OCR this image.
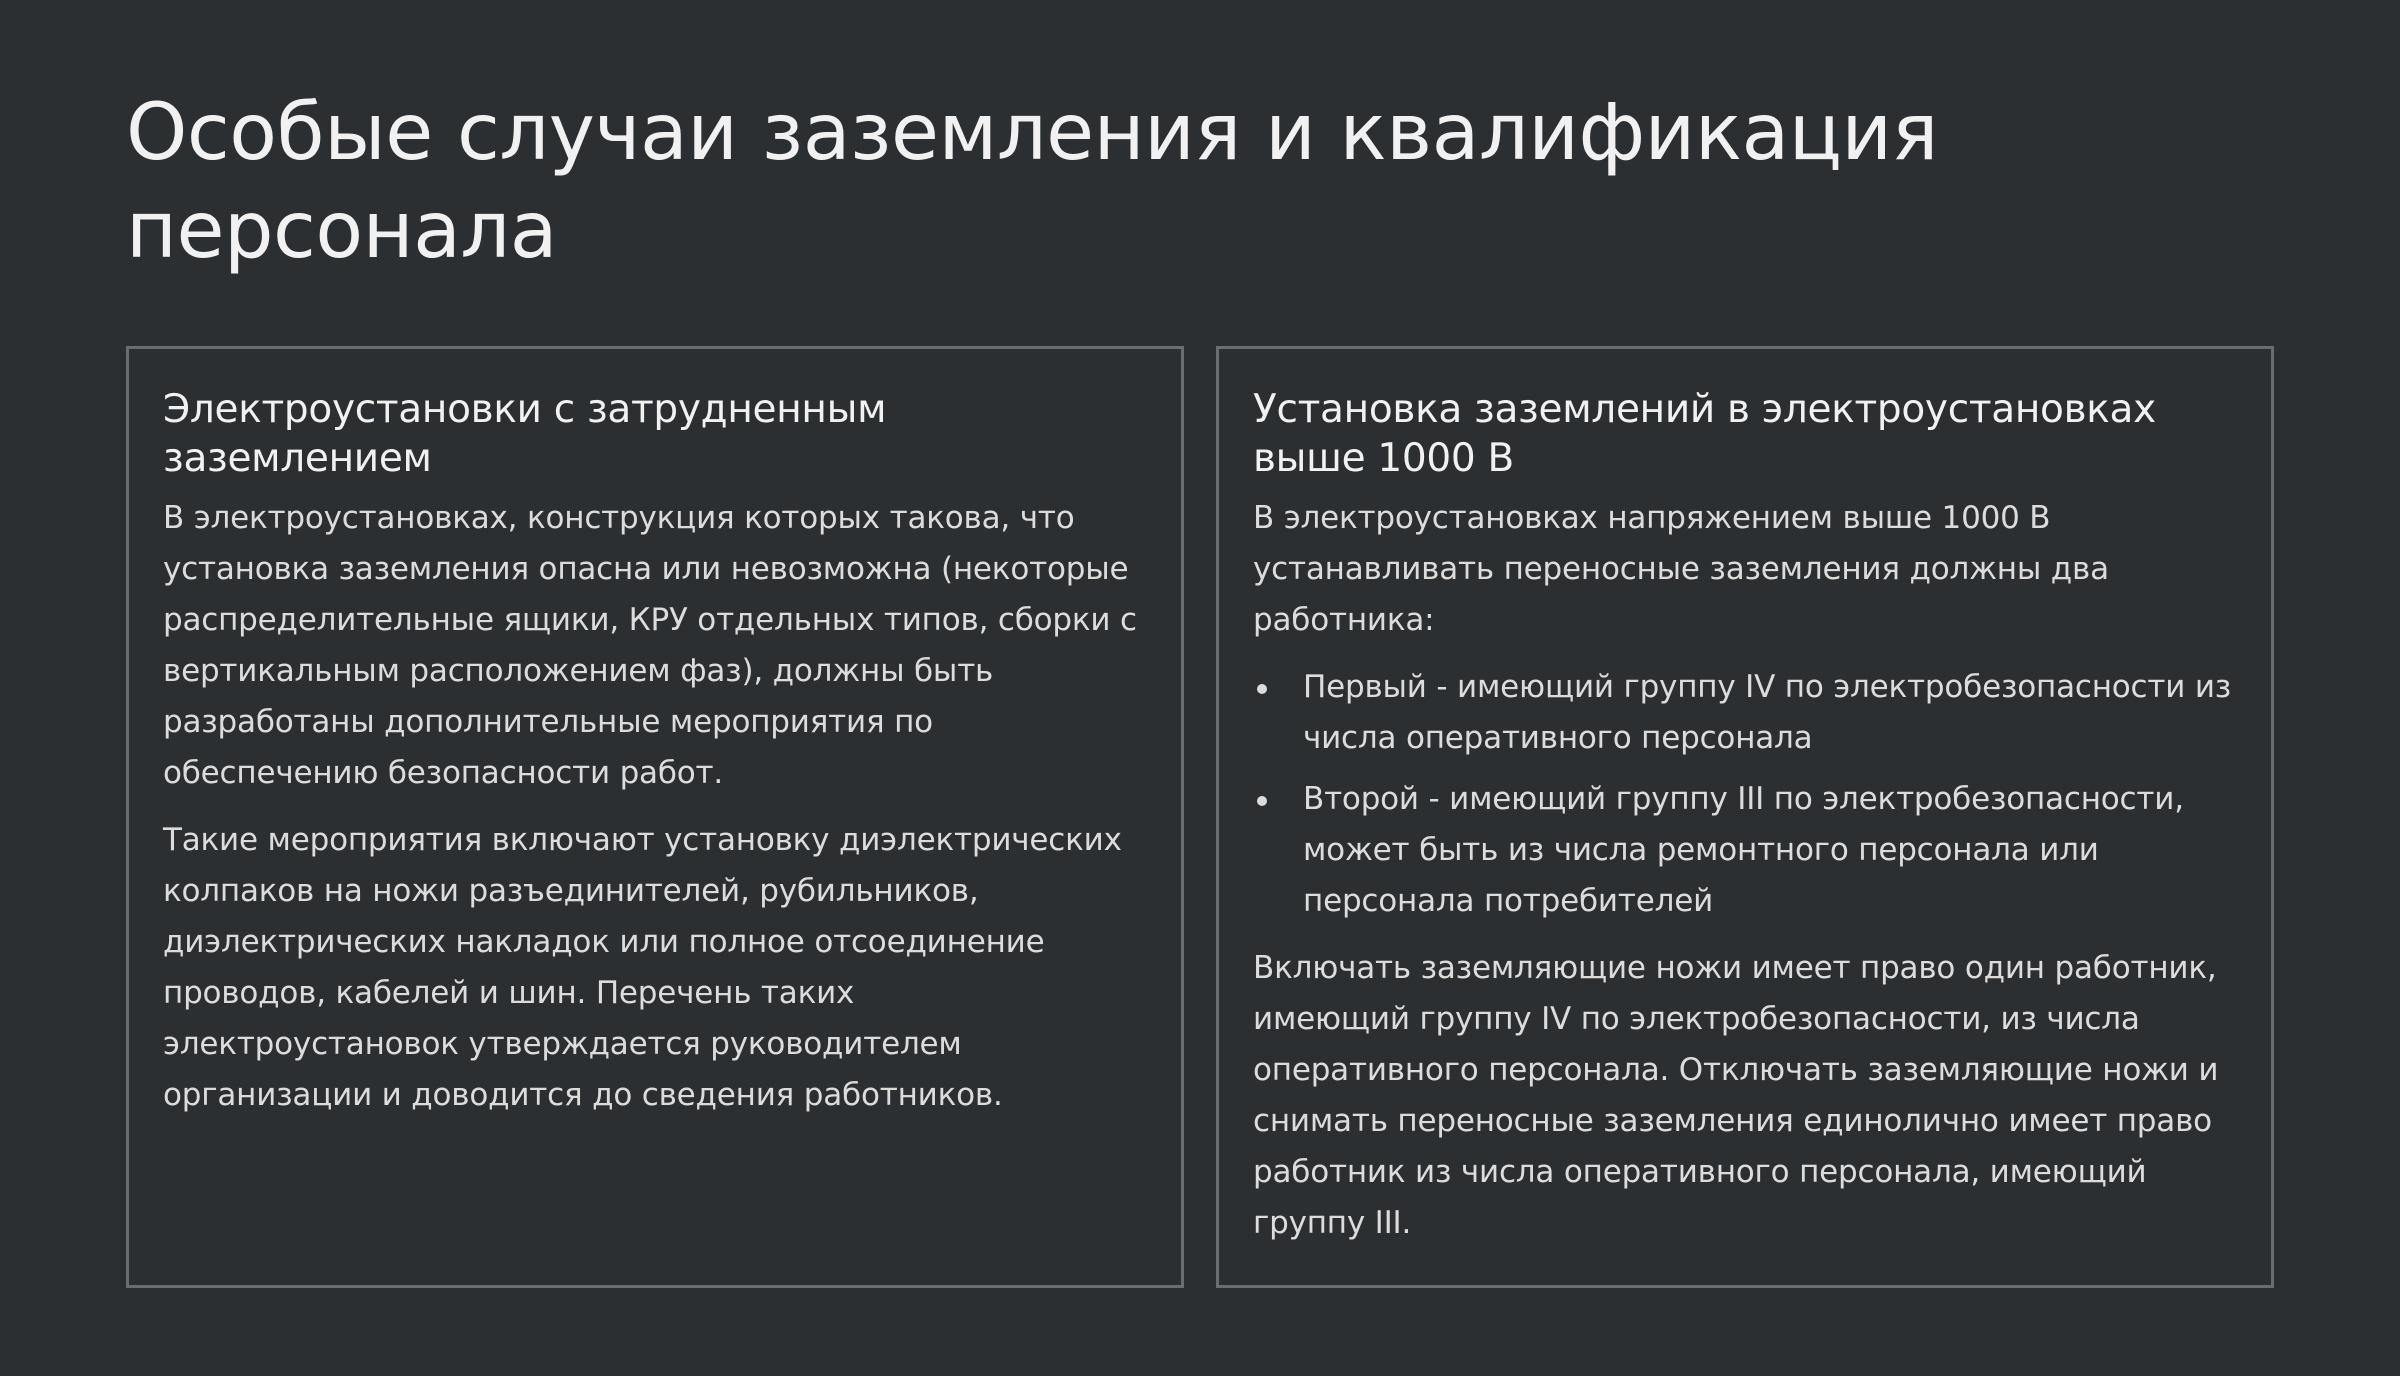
Особые случаи заземления и квалификация персонала
Электроустановки с затрудненным заземлением

В электроустановках, конструкция которых такова, что установка заземления опасна или невозможна (некоторые распределительные ящики, КРУ отдельных типов, сборки с вертикальным расположением фаз), должны быть разработаны дополнительные мероприятия по обеспечению безопасности работ.

Такие мероприятия включают установку диэлектрических колпаков на ножи разъединителей, рубильников, диэлектрических накладок или полное отсоединение проводов, кабелей и шин. Перечень таких электроустановок утверждается руководителем организации и доводится до сведения работников.

Установка заземлений в электроустановках выше 1000 В

В электроустановках напряжением выше 1000 В устанавливать переносные заземления должны два работника:

Первый - имеющий группу IV по электробезопасности из числа оперативного персонала
Второй - имеющий группу III по электробезопасности, может быть из числа ремонтного персонала или персонала потребителей

Включать заземляющие ножи имеет право один работник, имеющий группу IV по электробезопасности, из числа оперативного персонала. Отключать заземляющие ножи и снимать переносные заземления единолично имеет право работник из числа оперативного персонала, имеющий группу III.
